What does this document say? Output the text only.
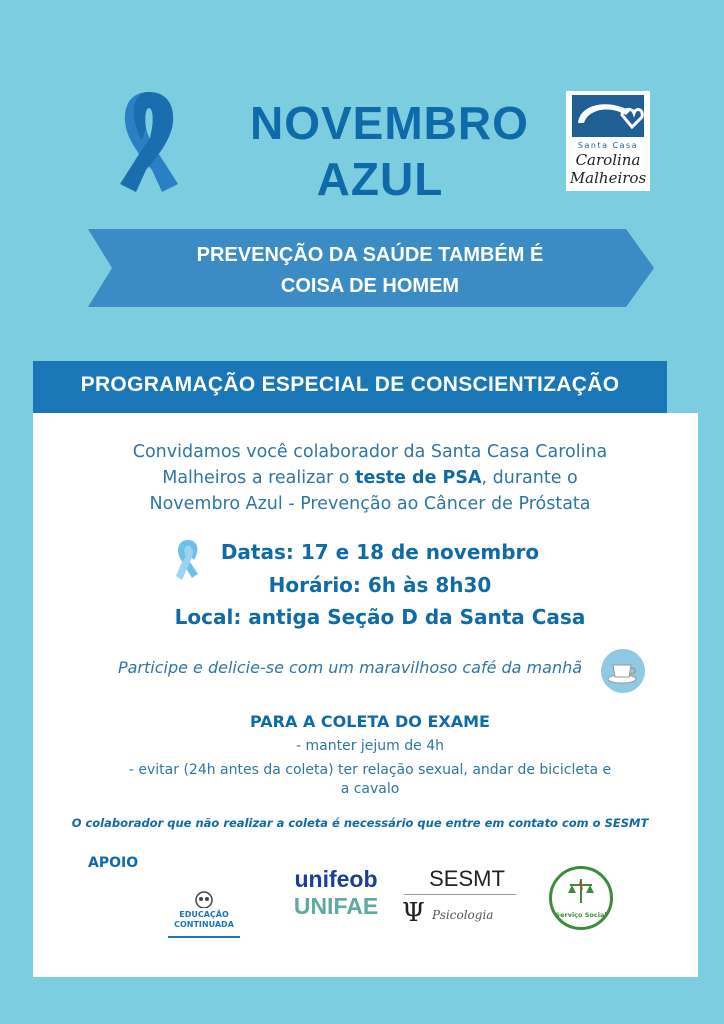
NOVEMBRO
AZUL
Santa Casa
Carolina
Malheiros
PREVENÇÃO DA SAÚDE TAMBÉM É
COISA DE HOMEM
PROGRAMAÇÃO ESPECIAL DE CONSCIENTIZAÇÃO
Convidamos você colaborador da Santa Casa Carolina
Malheiros a realizar o teste de PSA, durante o
Novembro Azul - Prevenção ao Câncer de Próstata
Datas: 17 e 18 de novembro
Horário: 6h às 8h30
Local: antiga Seção D da Santa Casa
Participe e delicie-se com um maravilhoso café da manhã
PARA A COLETA DO EXAME
- manter jejum de 4h
- evitar (24h antes da coleta) ter relação sexual, andar de bicicleta e
a cavalo
O colaborador que não realizar a coleta é necessário que entre em contato com o SESMT
APOIO
EDUCAÇÃO
CONTINUADA
unifeob
UNIFAE
SESMT
Ψ Psicologia	Serviço Social
